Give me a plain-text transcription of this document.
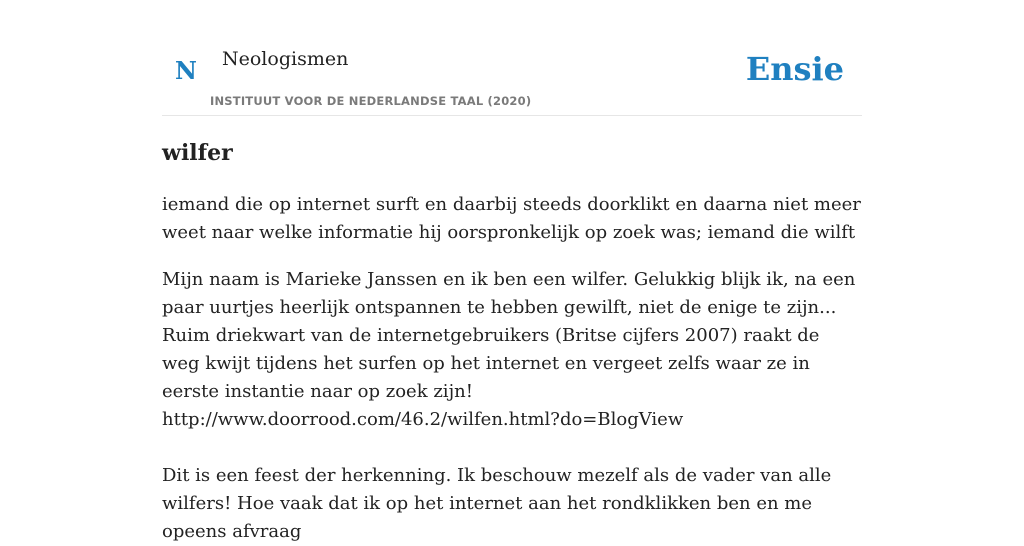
N	Neologismen
INSTITUUT VOOR DE NEDERLANDSE TAAL (2020)
Ensie
wilfer

iemand die op internet surft en daarbij steeds doorklikt en daarna niet meer weet naar welke informatie hij oorspronkelijk op zoek was; iemand die wilft

Mijn naam is Marieke Janssen en ik ben een wilfer. Gelukkig blijk ik, na een paar uurtjes heerlijk ontspannen te hebben gewilft, niet de enige te zijn... Ruim driekwart van de internetgebruikers (Britse cijfers 2007) raakt de weg kwijt tijdens het surfen op het internet en vergeet zelfs waar ze in eerste instantie naar op zoek zijn!
http://www.doorrood.com/46.2/wilfen.html?do=BlogView

Dit is een feest der herkenning. Ik beschouw mezelf als de vader van alle wilfers! Hoe vaak dat ik op het internet aan het rondklikken ben en me opeens afvraag
